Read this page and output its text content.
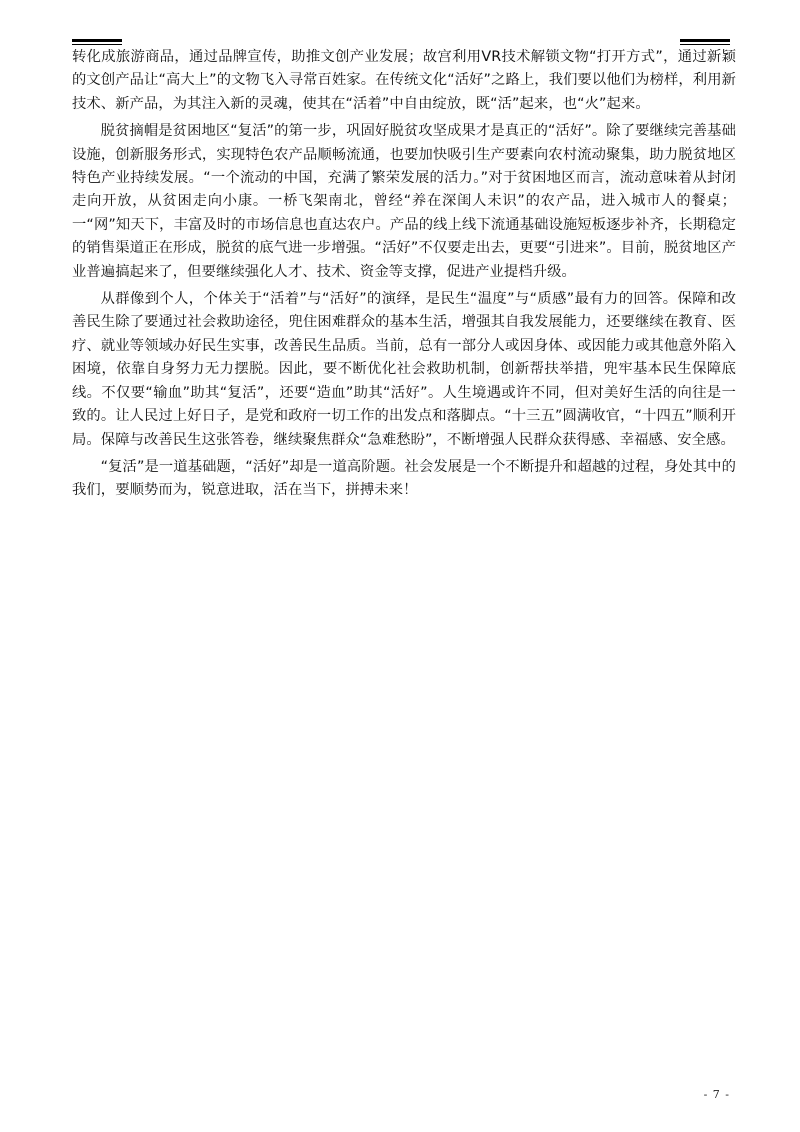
转化成旅游商品，通过品牌宣传，助推文创产业发展；故宫利用VR技术解锁文物“打开方式”，通过新颖的文创产品让“高大上”的文物飞入寻常百姓家。在传统文化“活好”之路上，我们要以他们为榜样，利用新技术、新产品，为其注入新的灵魂，使其在“活着”中自由绽放，既“活”起来，也“火”起来。

脱贫摘帽是贫困地区“复活”的第一步，巩固好脱贫攻坚成果才是真正的“活好”。除了要继续完善基础设施，创新服务形式，实现特色农产品顺畅流通，也要加快吸引生产要素向农村流动聚集，助力脱贫地区特色产业持续发展。“一个流动的中国，充满了繁荣发展的活力。”对于贫困地区而言，流动意味着从封闭走向开放，从贫困走向小康。一桥飞架南北，曾经“养在深闺人未识”的农产品，进入城市人的餐桌；一“网”知天下，丰富及时的市场信息也直达农户。产品的线上线下流通基础设施短板逐步补齐，长期稳定的销售渠道正在形成，脱贫的底气进一步增强。“活好”不仅要走出去，更要“引进来”。目前，脱贫地区产业普遍搞起来了，但要继续强化人才、技术、资金等支撑，促进产业提档升级。

从群像到个人，个体关于“活着”与“活好”的演绎，是民生“温度”与“质感”最有力的回答。保障和改善民生除了要通过社会救助途径，兜住困难群众的基本生活，增强其自我发展能力，还要继续在教育、医疗、就业等领域办好民生实事，改善民生品质。当前，总有一部分人或因身体、或因能力或其他意外陷入困境，依靠自身努力无力摆脱。因此，要不断优化社会救助机制，创新帮扶举措，兜牢基本民生保障底线。不仅要“输血”助其“复活”，还要“造血”助其“活好”。人生境遇或许不同，但对美好生活的向往是一致的。让人民过上好日子，是党和政府一切工作的出发点和落脚点。“十三五”圆满收官，“十四五”顺利开局。保障与改善民生这张答卷，继续聚焦群众“急难愁盼”，不断增强人民群众获得感、幸福感、安全感。

“复活”是一道基础题，“活好”却是一道高阶题。社会发展是一个不断提升和超越的过程，身处其中的我们，要顺势而为，锐意进取，活在当下，拼搏未来！

- 7 -
